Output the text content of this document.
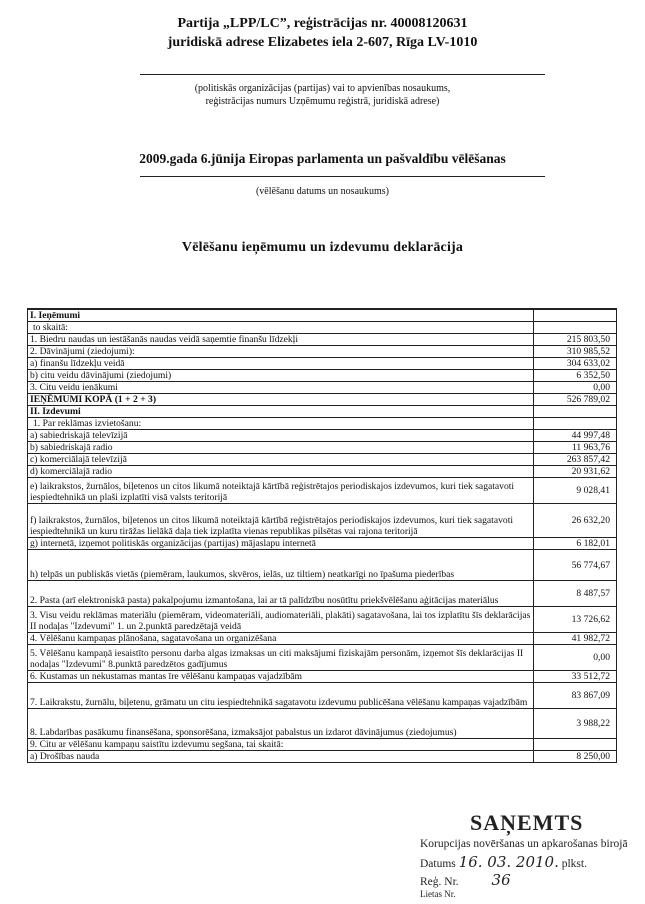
Partija „LPP/LC”, reģistrācijas nr. 40008120631
juridiskā adrese Elizabetes iela 2-607, Rīga LV-1010
(politiskās organizācijas (partijas) vai to apvienības nosaukums,
reģistrācijas numurs Uzņēmumu reģistrā, juridiskā adrese)
2009.gada 6.jūnija Eiropas parlamenta un pašvaldību vēlēšanas
(vēlēšanu datums un nosaukums)
Vēlēšanu ieņēmumu un izdevumu deklarācija
I. Ieņēmumi	
to skaitā:	
1. Biedru naudas un iestāšanās naudas veidā saņemtie finanšu līdzekļi	215 803,50
2. Dāvinājumi (ziedojumi):	310 985,52
a) finanšu līdzekļu veidā	304 633,02
b) citu veidu dāvinājumi (ziedojumi)	6 352,50
3. Citu veidu ienākumi	0,00
IEŅĒMUMI KOPĀ (1 + 2 + 3)	526 789,02
II. Izdevumi	
1. Par reklāmas izvietošanu:	
a) sabiedriskajā televīzijā	44 997,48
b) sabiedriskajā radio	11 963,76
c) komerciālajā televīzijā	263 857,42
d) komerciālajā radio	20 931,62
e) laikrakstos, žurnālos, biļetenos un citos likumā noteiktajā kārtībā reģistrētajos periodiskajos izdevumos, kuri tiek sagatavoti iespiedtehnikā un plaši izplatīti visā valsts teritorijā	9 028,41
f) laikrakstos, žurnālos, biļetenos un citos likumā noteiktajā kārtībā reģistrētajos periodiskajos izdevumos, kuri tiek sagatavoti iespiedtehnikā un kuru tirāžas lielākā daļa tiek izplatīta vienas republikas pilsētas vai rajona teritorijā	26 632,20
g) internetā, izņemot politiskās organizācijas (partijas) mājaslapu internetā	6 182,01
h) telpās un publiskās vietās (piemēram, laukumos, skvēros, ielās, uz tiltiem) neatkarīgi no īpašuma piederības	56 774,67
2. Pasta (arī elektroniskā pasta) pakalpojumu izmantošana, lai ar tā palīdzību nosūtītu priekšvēlēšanu aģitācijas materiālus	8 487,57
3. Visu veidu reklāmas materiālu (piemēram, videomateriāli, audiomateriāli, plakāti) sagatavošana, lai tos izplatītu šīs deklarācijas II nodaļas "Izdevumi" 1. un 2.punktā paredzētajā veidā	13 726,62
4. Vēlēšanu kampaņas plānošana, sagatavošana un organizēšana	41 982,72
5. Vēlēšanu kampaņā iesaistīto personu darba algas izmaksas un citi maksājumi fiziskajām personām, izņemot šīs deklarācijas II nodaļas "Izdevumi" 8.punktā paredzētos gadījumus	0,00
6. Kustamas un nekustamas mantas īre vēlēšanu kampaņas vajadzībām	33 512,72
7. Laikrakstu, žurnālu, biļetenu, grāmatu un citu iespiedtehnikā sagatavotu izdevumu publicēšana vēlēšanu kampaņas vajadzībām	83 867,09
8. Labdarības pasākumu finansēšana, sponsorēšana, izmaksājot pabalstus un izdarot dāvinājumus (ziedojumus)	3 988,22
9. Citu ar vēlēšanu kampaņu saistītu izdevumu segšana, tai skaitā:	
a) Drošības nauda	8 250,00
SAŅEMTS
Korupcijas novēršanas un apkarošanas birojā
Datums 16. 03. 2010. plkst.
Reģ. Nr. 36
Lietas Nr.
